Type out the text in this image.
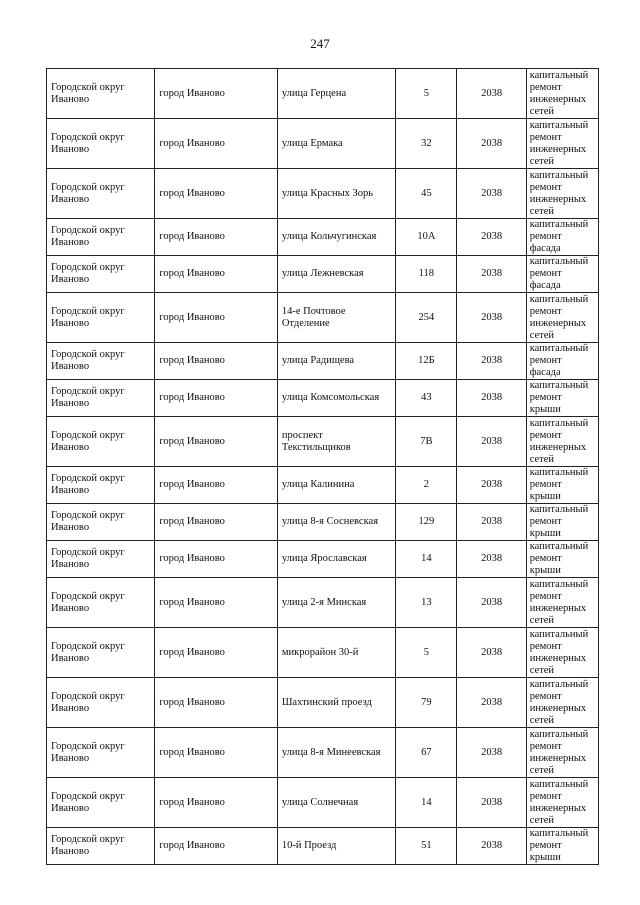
247
Городской округ Иваново	город Иваново	улица Герцена	5	2038	капитальный ремонт инженерных сетей

Городской округ Иваново	город Иваново	улица Ермака	32	2038	капитальный ремонт инженерных сетей

Городской округ Иваново	город Иваново	улица Красных Зорь	45	2038	капитальный ремонт инженерных сетей

Городской округ Иваново	город Иваново	улица Кольчугинская	10А	2038	капитальный ремонт фасада

Городской округ Иваново	город Иваново	улица Лежневская	118	2038	капитальный ремонт фасада

Городской округ Иваново	город Иваново	14-е Почтовое Отделение	254	2038	капитальный ремонт инженерных сетей

Городской округ Иваново	город Иваново	улица Радищева	12Б	2038	капитальный ремонт фасада

Городской округ Иваново	город Иваново	улица Комсомольская	43	2038	капитальный ремонт крыши

Городской округ Иваново	город Иваново	проспект Текстильщиков	7В	2038	капитальный ремонт инженерных сетей

Городской округ Иваново	город Иваново	улица Калинина	2	2038	капитальный ремонт крыши

Городской округ Иваново	город Иваново	улица 8-я Сосневская	129	2038	капитальный ремонт крыши

Городской округ Иваново	город Иваново	улица Ярославская	14	2038	капитальный ремонт крыши

Городской округ Иваново	город Иваново	улица 2-я Минская	13	2038	капитальный ремонт инженерных сетей

Городской округ Иваново	город Иваново	микрорайон 30-й	5	2038	капитальный ремонт инженерных сетей

Городской округ Иваново	город Иваново	Шахтинский проезд	79	2038	капитальный ремонт инженерных сетей

Городской округ Иваново	город Иваново	улица 8-я Минеевская	67	2038	капитальный ремонт инженерных сетей

Городской округ Иваново	город Иваново	улица Солнечная	14	2038	капитальный ремонт инженерных сетей

Городской округ Иваново	город Иваново	10-й Проезд	51	2038	капитальный ремонт крыши
